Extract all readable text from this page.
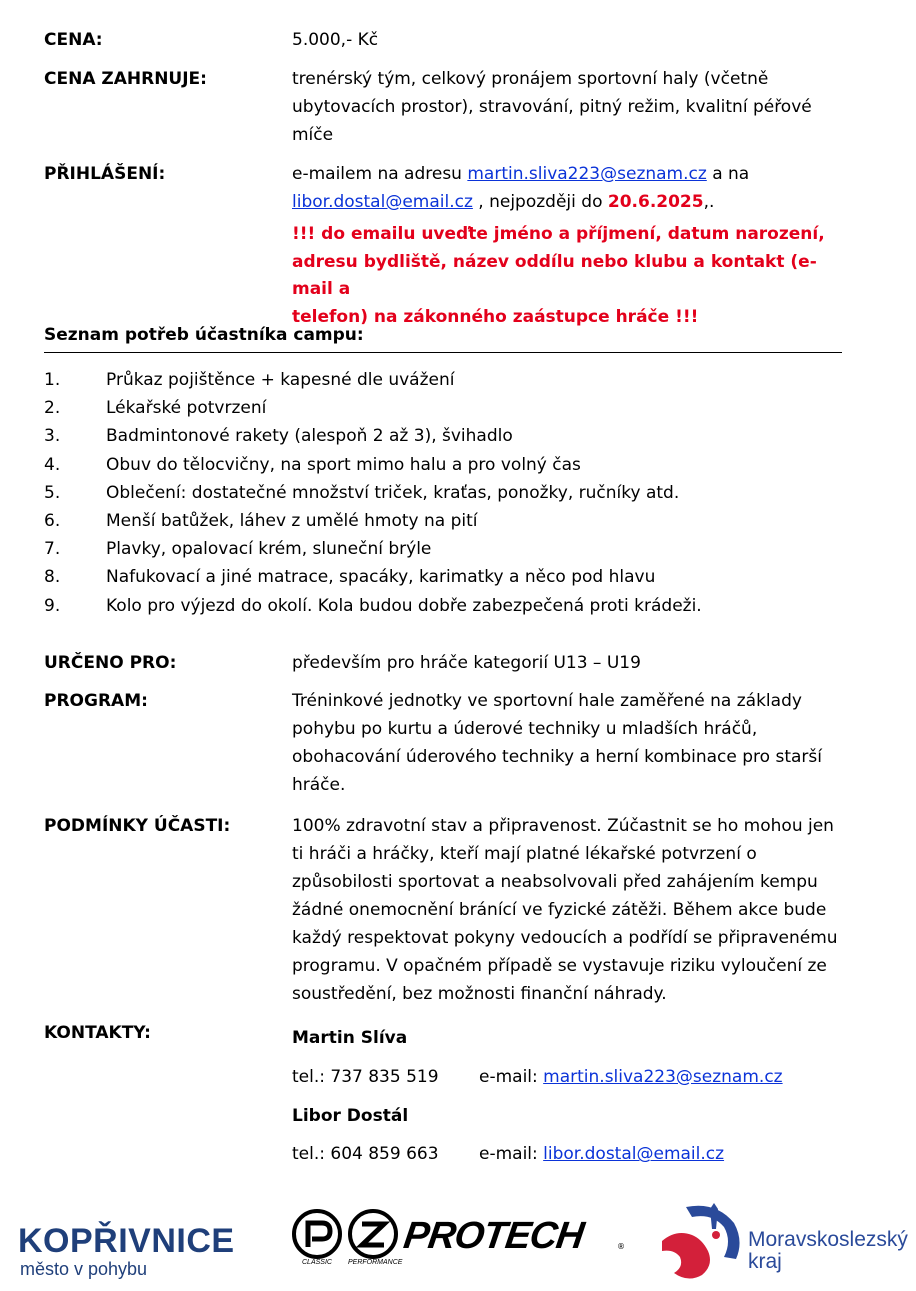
CENA:	5.000,- Kč
CENA ZAHRNUJE:	trenérský tým, celkový pronájem sportovní haly (včetně
ubytovacích prostor), stravování, pitný režim, kvalitní péřové
míče
PŘIHLÁŠENÍ:	e-mailem na adresu martin.sliva223@seznam.cz a na
libor.dostal@email.cz , nejpozději do 20.6.2025,.
!!! do emailu uveďte jméno a příjmení, datum narození,
adresu bydliště, název oddílu nebo klubu a kontakt (e-mail a
telefon) na zákonného zaástupce hráče !!!
Seznam potřeb účastníka campu:
1.	Průkaz pojištěnce + kapesné dle uvážení
2.	Lékařské potvrzení
3.	Badmintonové rakety (alespoň 2 až 3), švihadlo
4.	Obuv do tělocvičny, na sport mimo halu a pro volný čas
5.	Oblečení: dostatečné množství triček, kraťas, ponožky, ručníky atd.
6.	Menší batůžek, láhev z umělé hmoty na pití
7.	Plavky, opalovací krém, sluneční brýle
8.	Nafukovací a jiné matrace, spacáky, karimatky a něco pod hlavu
9.	Kolo pro výjezd do okolí. Kola budou dobře zabezpečená proti krádeži.
URČENO PRO:	především pro hráče kategorií U13 – U19
PROGRAM:	Tréninkové jednotky ve sportovní hale zaměřené na základy
pohybu po kurtu a úderové techniky u mladších hráčů,
obohacování úderového techniky a herní kombinace pro starší
hráče.
PODMÍNKY ÚČASTI:	100% zdravotní stav a připravenost. Zúčastnit se ho mohou jen
ti hráči a hráčky, kteří mají platné lékařské potvrzení o
způsobilosti sportovat a neabsolvovali před zahájením kempu
žádné onemocnění bránící ve fyzické zátěži. Během akce bude
každý respektovat pokyny vedoucích a podřídí se připravenému
programu. V opačném případě se vystavuje riziku vyloučení ze
soustředění, bez možnosti finanční náhrady.
KONTAKTY:	Martin Slíva
tel.: 737 835 519 e-mail: martin.sliva223@seznam.cz
Libor Dostál
tel.: 604 859 663 e-mail: libor.dostal@email.cz
KOPŘIVNICE
město v pohybu	CLASSIC PERFORMANCE
PROTECH	®	Moravskoslezský
kraj
